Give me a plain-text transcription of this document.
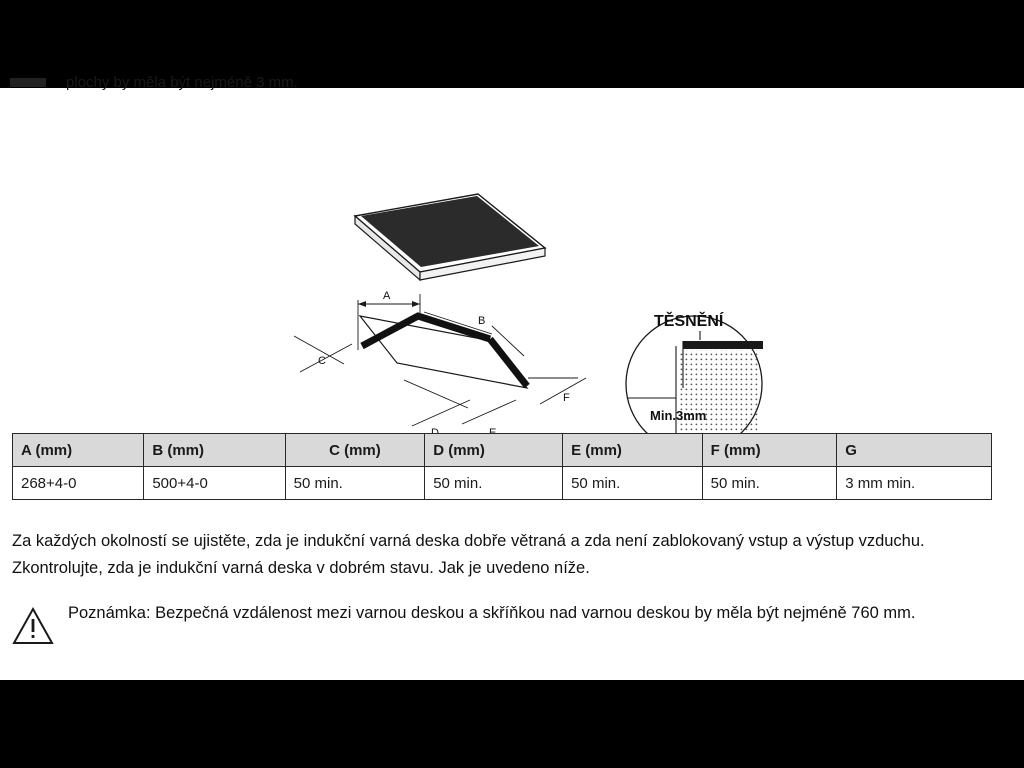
plochy by měla být nejméně 3 mm.
A
B
C
F
TĚSNĚNÍ
Min.3mm
A (mm)	B (mm)	C (mm)	D (mm)	E (mm)	F (mm)	G
268+4-0	500+4-0	50 min.	50 min.	50 min.	50 min.	3 mm min.
Za každých okolností se ujistěte, zda je indukční varná deska dobře větraná a zda není zablokovaný vstup a výstup vzduchu. Zkontrolujte, zda je indukční varná deska v dobrém stavu. Jak je uvedeno níže.
Poznámka: Bezpečná vzdálenost mezi varnou deskou a skříňkou nad varnou deskou by měla být nejméně 760 mm.
